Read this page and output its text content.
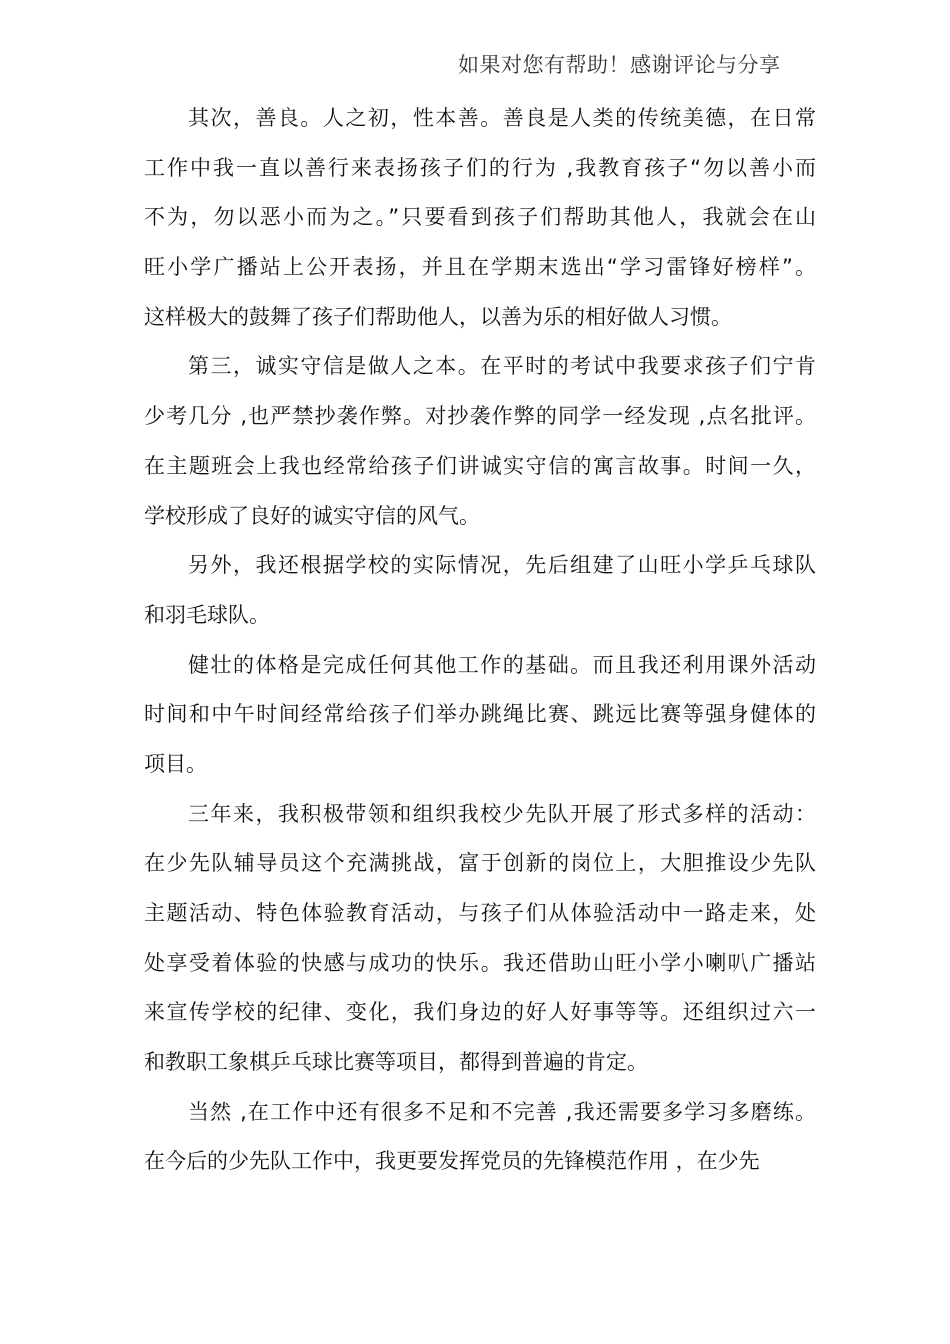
如果对您有帮助！感谢评论与分享
其次，善良。人之初，性本善。善良是人类的传统美德，在日常
工作中我一直以善行来表扬孩子们的行为 ,我教育孩子“勿以善小而
不为，勿以恶小而为之。”只要看到孩子们帮助其他人，我就会在山
旺小学广播站上公开表扬，并且在学期末选出“学习雷锋好榜样”。
这样极大的鼓舞了孩子们帮助他人，以善为乐的相好做人习惯。
第三，诚实守信是做人之本。在平时的考试中我要求孩子们宁肯
少考几分 ,也严禁抄袭作弊。对抄袭作弊的同学一经发现 ,点名批评。
在主题班会上我也经常给孩子们讲诚实守信的寓言故事。时间一久，
学校形成了良好的诚实守信的风气。
另外，我还根据学校的实际情况，先后组建了山旺小学乒乓球队
和羽毛球队。
健壮的体格是完成任何其他工作的基础。而且我还利用课外活动
时间和中午时间经常给孩子们举办跳绳比赛、跳远比赛等强身健体的
项目。
三年来，我积极带领和组织我校少先队开展了形式多样的活动：
在少先队辅导员这个充满挑战，富于创新的岗位上，大胆推设少先队
主题活动、特色体验教育活动，与孩子们从体验活动中一路走来，处
处享受着体验的快感与成功的快乐。我还借助山旺小学小喇叭广播站
来宣传学校的纪律、变化，我们身边的好人好事等等。还组织过六一
和教职工象棋乒乓球比赛等项目，都得到普遍的肯定。
当然 ,在工作中还有很多不足和不完善 ,我还需要多学习多磨练。
在今后的少先队工作中，我更要发挥党员的先锋模范作用 ，在少先
